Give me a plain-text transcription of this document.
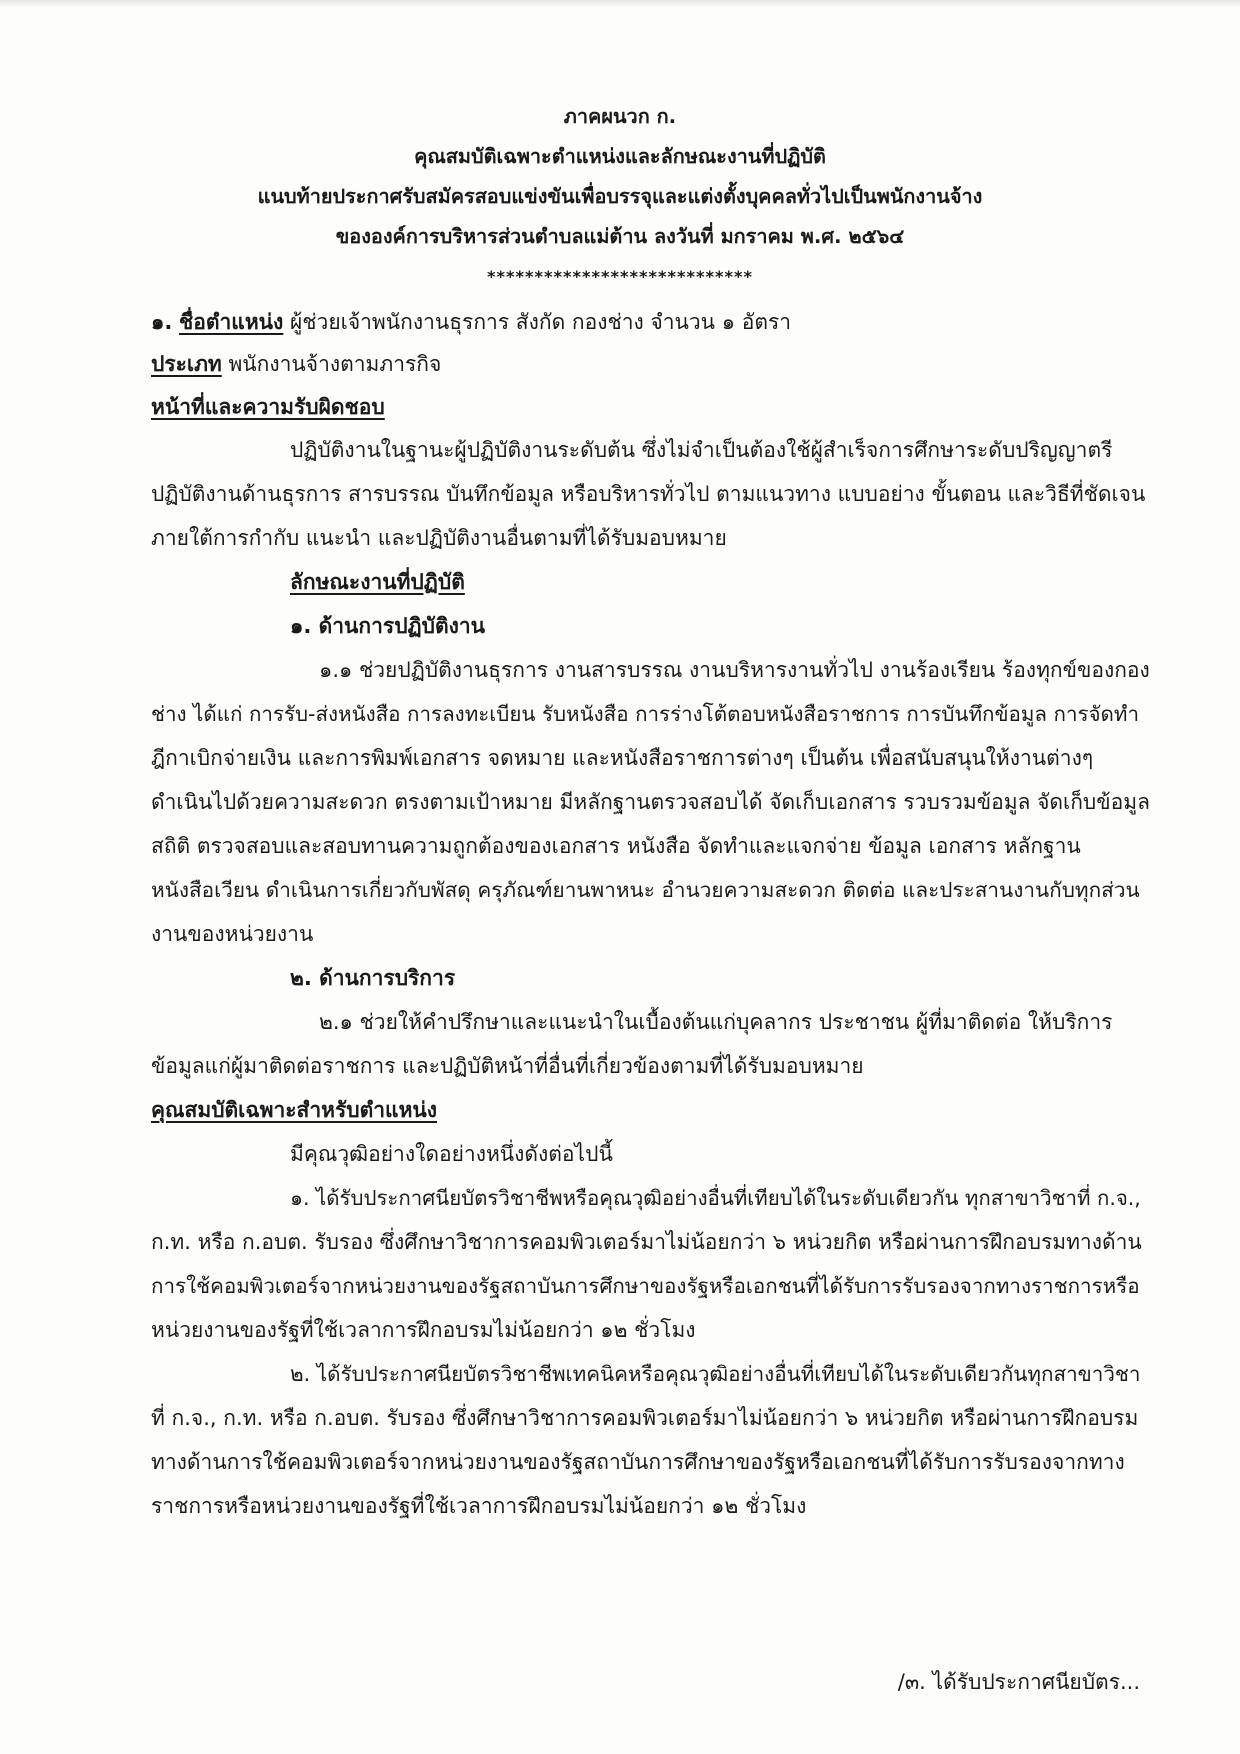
ภาคผนวก ก.
คุณสมบัติเฉพาะตำแหน่งและลักษณะงานที่ปฏิบัติ
แนบท้ายประกาศรับสมัครสอบแข่งขันเพื่อบรรจุและแต่งตั้งบุคคลทั่วไปเป็นพนักงานจ้าง
ขององค์การบริหารส่วนตำบลแม่ต้าน ลงวันที่ มกราคม พ.ศ. ๒๕๖๔
****************************
๑. ชื่อตำแหน่ง ผู้ช่วยเจ้าพนักงานธุรการ สังกัด กองช่าง จำนวน ๑ อัตรา
ประเภท พนักงานจ้างตามภารกิจ
หน้าที่และความรับผิดชอบ
ปฏิบัติงานในฐานะผู้ปฏิบัติงานระดับต้น ซึ่งไม่จำเป็นต้องใช้ผู้สำเร็จการศึกษาระดับปริญญาตรี
ปฏิบัติงานด้านธุรการ สารบรรณ บันทึกข้อมูล หรือบริหารทั่วไป ตามแนวทาง แบบอย่าง ขั้นตอน และวิธีที่ชัดเจน
ภายใต้การกำกับ แนะนำ และปฏิบัติงานอื่นตามที่ได้รับมอบหมาย
ลักษณะงานที่ปฏิบัติ
๑. ด้านการปฏิบัติงาน
๑.๑ ช่วยปฏิบัติงานธุรการ งานสารบรรณ งานบริหารงานทั่วไป งานร้องเรียน ร้องทุกข์ของกอง
ช่าง ได้แก่ การรับ-ส่งหนังสือ การลงทะเบียน รับหนังสือ การร่างโต้ตอบหนังสือราชการ การบันทึกข้อมูล การจัดทำ
ฎีกาเบิกจ่ายเงิน และการพิมพ์เอกสาร จดหมาย และหนังสือราชการต่างๆ เป็นต้น เพื่อสนับสนุนให้งานต่างๆ
ดำเนินไปด้วยความสะดวก ตรงตามเป้าหมาย มีหลักฐานตรวจสอบได้ จัดเก็บเอกสาร รวบรวมข้อมูล จัดเก็บข้อมูล
สถิติ ตรวจสอบและสอบทานความถูกต้องของเอกสาร หนังสือ จัดทำและแจกจ่าย ข้อมูล เอกสาร หลักฐาน
หนังสือเวียน ดำเนินการเกี่ยวกับพัสดุ ครุภัณฑ์ยานพาหนะ อำนวยความสะดวก ติดต่อ และประสานงานกับทุกส่วน
งานของหน่วยงาน
๒. ด้านการบริการ
๒.๑ ช่วยให้คำปรึกษาและแนะนำในเบื้องต้นแก่บุคลากร ประชาชน ผู้ที่มาติดต่อ ให้บริการ
ข้อมูลแก่ผู้มาติดต่อราชการ และปฏิบัติหน้าที่อื่นที่เกี่ยวข้องตามที่ได้รับมอบหมาย
คุณสมบัติเฉพาะสำหรับตำแหน่ง
มีคุณวุฒิอย่างใดอย่างหนึ่งดังต่อไปนี้
๑. ได้รับประกาศนียบัตรวิชาชีพหรือคุณวุฒิอย่างอื่นที่เทียบได้ในระดับเดียวกัน ทุกสาขาวิชาที่ ก.จ.,
ก.ท. หรือ ก.อบต. รับรอง ซึ่งศึกษาวิชาการคอมพิวเตอร์มาไม่น้อยกว่า ๖ หน่วยกิต หรือผ่านการฝึกอบรมทางด้าน
การใช้คอมพิวเตอร์จากหน่วยงานของรัฐสถาบันการศึกษาของรัฐหรือเอกชนที่ได้รับการรับรองจากทางราชการหรือ
หน่วยงานของรัฐที่ใช้เวลาการฝึกอบรมไม่น้อยกว่า ๑๒ ชั่วโมง
๒. ได้รับประกาศนียบัตรวิชาชีพเทคนิคหรือคุณวุฒิอย่างอื่นที่เทียบได้ในระดับเดียวกันทุกสาขาวิชา
ที่ ก.จ., ก.ท. หรือ ก.อบต. รับรอง ซึ่งศึกษาวิชาการคอมพิวเตอร์มาไม่น้อยกว่า ๖ หน่วยกิต หรือผ่านการฝึกอบรม
ทางด้านการใช้คอมพิวเตอร์จากหน่วยงานของรัฐสถาบันการศึกษาของรัฐหรือเอกชนที่ได้รับการรับรองจากทาง
ราชการหรือหน่วยงานของรัฐที่ใช้เวลาการฝึกอบรมไม่น้อยกว่า ๑๒ ชั่วโมง
/๓. ได้รับประกาศนียบัตร...
